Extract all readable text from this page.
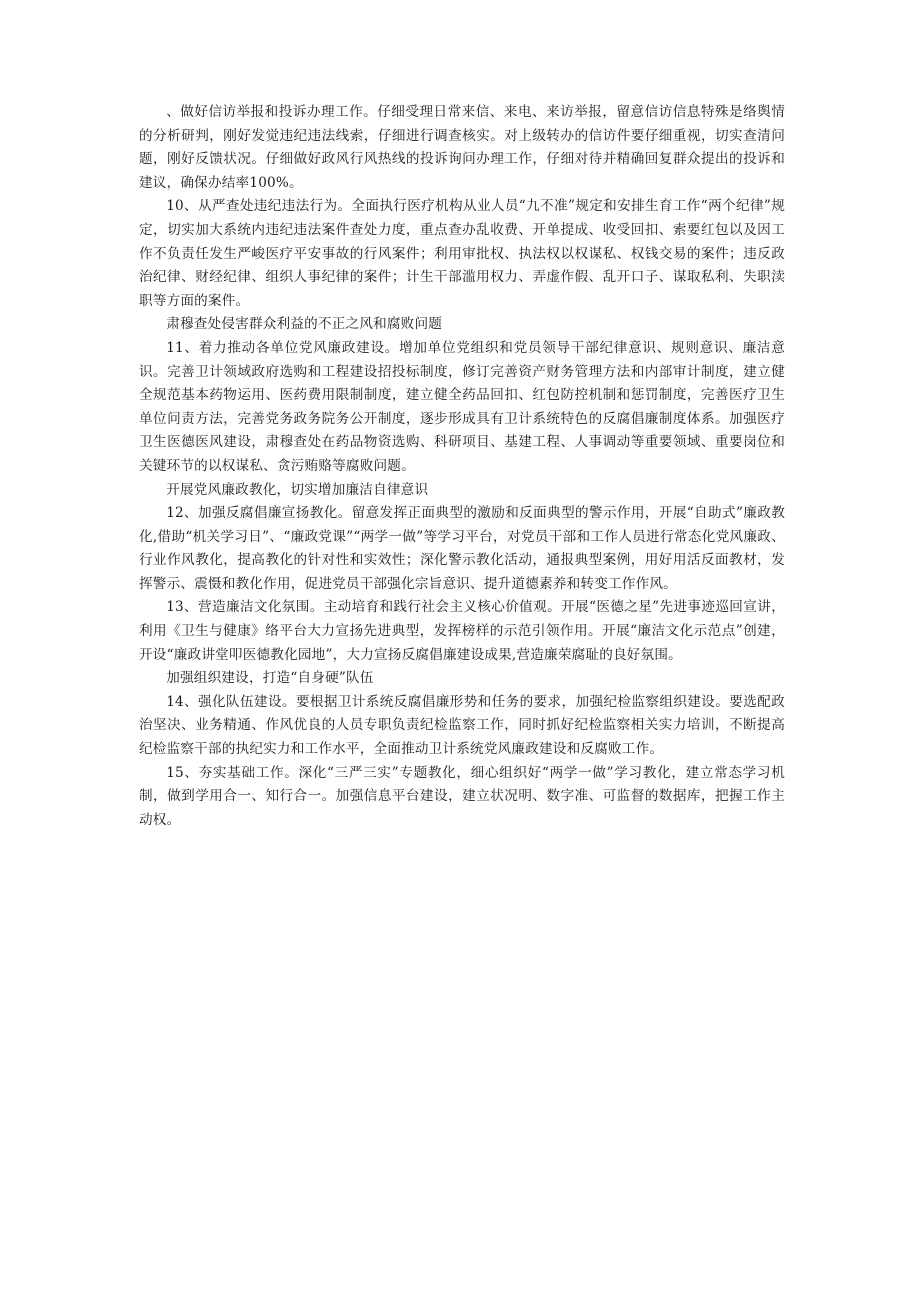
、做好信访举报和投诉办理工作。仔细受理日常来信、来电、来访举报，留意信访信息特殊是络舆情的分析研判，刚好发觉违纪违法线索，仔细进行调查核实。对上级转办的信访件要仔细重视，切实查清问题，刚好反馈状况。仔细做好政风行风热线的投诉询问办理工作，仔细对待并精确回复群众提出的投诉和建议，确保办结率100%。

10、从严查处违纪违法行为。全面执行医疗机构从业人员“九不准”规定和安排生育工作“两个纪律”规定，切实加大系统内违纪违法案件查处力度，重点查办乱收费、开单提成、收受回扣、索要红包以及因工作不负责任发生严峻医疗平安事故的行风案件；利用审批权、执法权以权谋私、权钱交易的案件；违反政治纪律、财经纪律、组织人事纪律的案件；计生干部滥用权力、弄虚作假、乱开口子、谋取私利、失职渎职等方面的案件。

肃穆查处侵害群众利益的不正之风和腐败问题

11、着力推动各单位党风廉政建设。增加单位党组织和党员领导干部纪律意识、规则意识、廉洁意识。完善卫计领域政府选购和工程建设招投标制度，修订完善资产财务管理方法和内部审计制度，建立健全规范基本药物运用、医药费用限制制度，建立健全药品回扣、红包防控机制和惩罚制度，完善医疗卫生单位问责方法，完善党务政务院务公开制度，逐步形成具有卫计系统特色的反腐倡廉制度体系。加强医疗卫生医德医风建设，肃穆查处在药品物资选购、科研项目、基建工程、人事调动等重要领域、重要岗位和关键环节的以权谋私、贪污贿赂等腐败问题。

开展党风廉政教化，切实增加廉洁自律意识

12、加强反腐倡廉宣扬教化。留意发挥正面典型的激励和反面典型的警示作用，开展“自助式”廉政教化,借助“机关学习日”、“廉政党课”“两学一做”等学习平台，对党员干部和工作人员进行常态化党风廉政、行业作风教化，提高教化的针对性和实效性；深化警示教化活动，通报典型案例，用好用活反面教材，发挥警示、震慑和教化作用，促进党员干部强化宗旨意识、提升道德素养和转变工作作风。

13、营造廉洁文化氛围。主动培育和践行社会主义核心价值观。开展“医德之星”先进事迹巡回宣讲，利用《卫生与健康》络平台大力宣扬先进典型，发挥榜样的示范引领作用。开展“廉洁文化示范点”创建，开设“廉政讲堂叩医德教化园地”，大力宣扬反腐倡廉建设成果,营造廉荣腐耻的良好氛围。

加强组织建设，打造“自身硬”队伍

14、强化队伍建设。要根据卫计系统反腐倡廉形势和任务的要求，加强纪检监察组织建设。要选配政治坚决、业务精通、作风优良的人员专职负责纪检监察工作，同时抓好纪检监察相关实力培训，不断提高纪检监察干部的执纪实力和工作水平，全面推动卫计系统党风廉政建设和反腐败工作。

15、夯实基础工作。深化“三严三实”专题教化，细心组织好“两学一做”学习教化，建立常态学习机制，做到学用合一、知行合一。加强信息平台建设，建立状况明、数字准、可监督的数据库，把握工作主动权。
